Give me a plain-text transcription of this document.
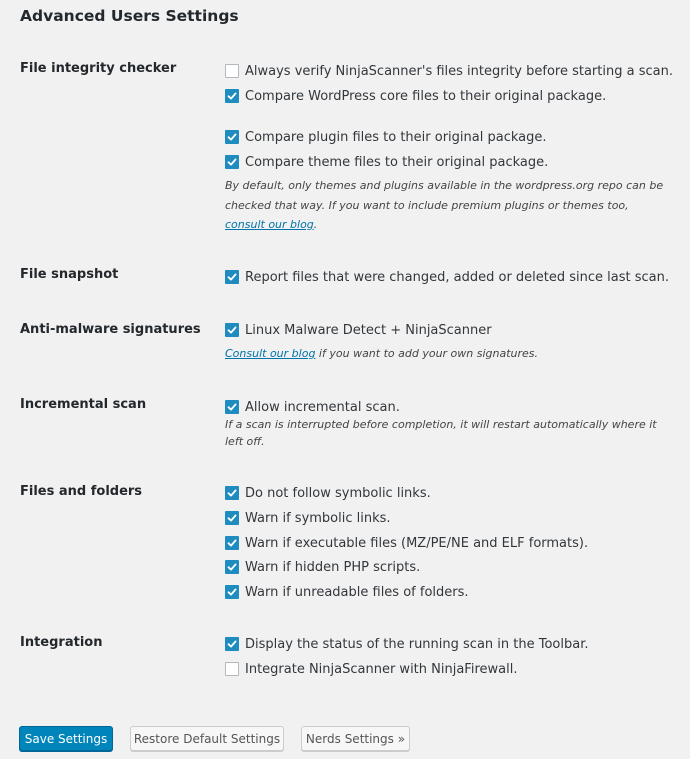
Advanced Users Settings
File integrity checker	Always verify NinjaScanner's files integrity before starting a scan.
Compare WordPress core files to their original package.
Compare plugin files to their original package.
Compare theme files to their original package.
By default, only themes and plugins available in the wordpress.org repo can be checked that way. If you want to include premium plugins or themes too, consult our blog.
File snapshot	Report files that were changed, added or deleted since last scan.
Anti-malware signatures	Linux Malware Detect + NinjaScanner
Consult our blog if you want to add your own signatures.
Incremental scan	Allow incremental scan.
If a scan is interrupted before completion, it will restart automatically where it left off.
Files and folders	Do not follow symbolic links.
Warn if symbolic links.
Warn if executable files (MZ/PE/NE and ELF formats).
Warn if hidden PHP scripts.
Warn if unreadable files of folders.
Integration	Display the status of the running scan in the Toolbar.
Integrate NinjaScanner with NinjaFirewall.
Save Settings	Restore Default Settings	Nerds Settings »
